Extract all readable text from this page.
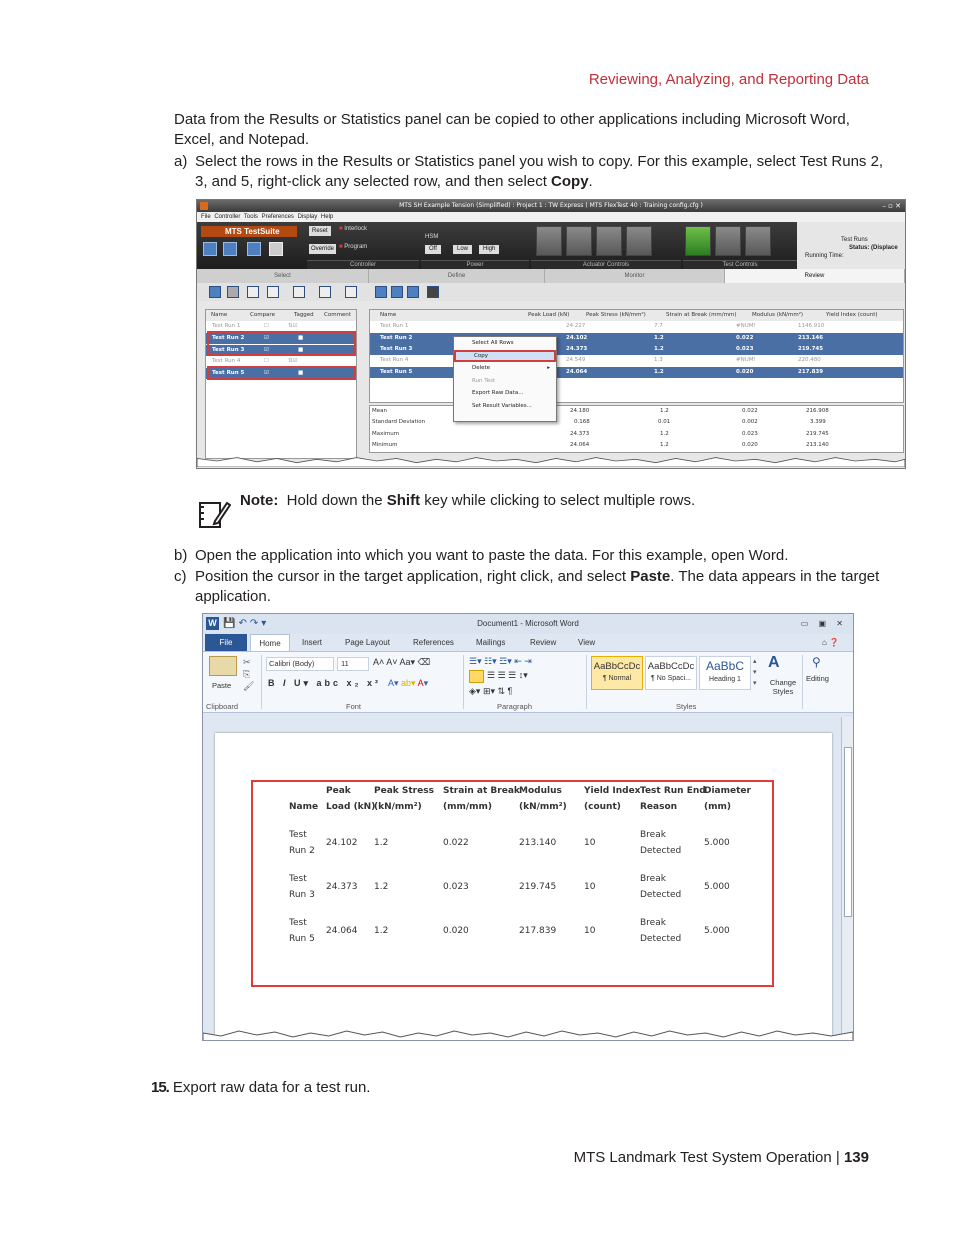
Reviewing, Analyzing, and Reporting Data
Data from the Results or Statistics panel can be copied to other applications including Microsoft Word, Excel, and Notepad.
a) Select the rows in the Results or Statistics panel you wish to copy. For this example, select Test Runs 2, 3, and 5, right-click any selected row, and then select Copy.
MTS SH Example Tension (Simplified) : Project 1 : TW Express ( MTS FlexTest 40 : Training config.cfg )	– ▫ ✕
File Controller Tools Preferences Display Help
MTS TestSuite	Reset	■ Interlock
Override ■ Program
HSM
Off	Low	High
Controller	Power	Actuator Controls	Test Controls
Test Runs
Status: (Displace
Running Time:
Select	Define	Monitor	Review
Name	Compare	Tagged Comment
Test Run 1	☐	⇅☑
Test Run 2	☑	■
Test Run 3	☑	■
Test Run 4	☐	⇅☑
Test Run 5	☑	■
Name	Peak Load (kN)	Peak Stress (kN/mm²)	Strain at Break (mm/mm)	Modulus (kN/mm²)	Yield Index (count)
Test Run 1	24.227	7.7	#NUM!	1146.910
Test Run 2	24.102	1.2	0.022	213.146
Test Run 3	24.373	1.2	0.023	219.745
Test Run 4	24.549	1.3	#NUM!	220.480
Test Run 5	24.064	1.2	0.020	217.839
Mean	24.180	1.2	0.022	216.908
Standard Deviation	0.168	0.01	0.002	3.399
Maximum	24.373	1.2	0.023	219.745
Minimum	24.064	1.2	0.020	213.140
Select All Rows
Copy
Delete	▸
Run Test
Export Raw Data...
Set Result Variables...
Note: Hold down the Shift key while clicking to select multiple rows.
b) Open the application into which you want to paste the data. For this example, open Word.
c) Position the cursor in the target application, right click, and select Paste. The data appears in the target application.
W 💾↶↷▾	Document1 - Microsoft Word	▭ ▣ ✕
File	Home	Insert	Page Layout	References	Mailings	Review	View	⌂ ❓
Paste
✂
⎘
🖌
Clipboard
Calibri (Body)	11	A˄ A˅ Aa▾ ⌫
B I U▾ abc x₂ x² A▾ ab▾ A▾
Font
☰▾ ☷▾ ☲▾ ⇤ ⇥
☰ ☰ ☰ ↕▾
◈▾ ⊞▾ ⇅ ¶
Paragraph
AaBbCcDc
¶ Normal
AaBbCcDc
¶ No Spaci...
AaBbC
Heading 1
▴
▾
▾
A
Change Styles
Styles
⚲
Editing
Name
Peak
Load (kN)
Peak Stress
(kN/mm²)
Strain at Break
(mm/mm)
Modulus
(kN/mm²)
Yield Index
(count)
Test Run End
Reason
Diameter
(mm)
Test
Run 2
24.102 1.2	0.022	213.140	10
Break
Detected
5.000
Test
Run 3
24.373 1.2	0.023	219.745	10
Break
Detected
5.000
Test
Run 5
24.064 1.2	0.020	217.839	10
Break
Detected
5.000
15. Export raw data for a test run.
MTS Landmark Test System Operation | 139
